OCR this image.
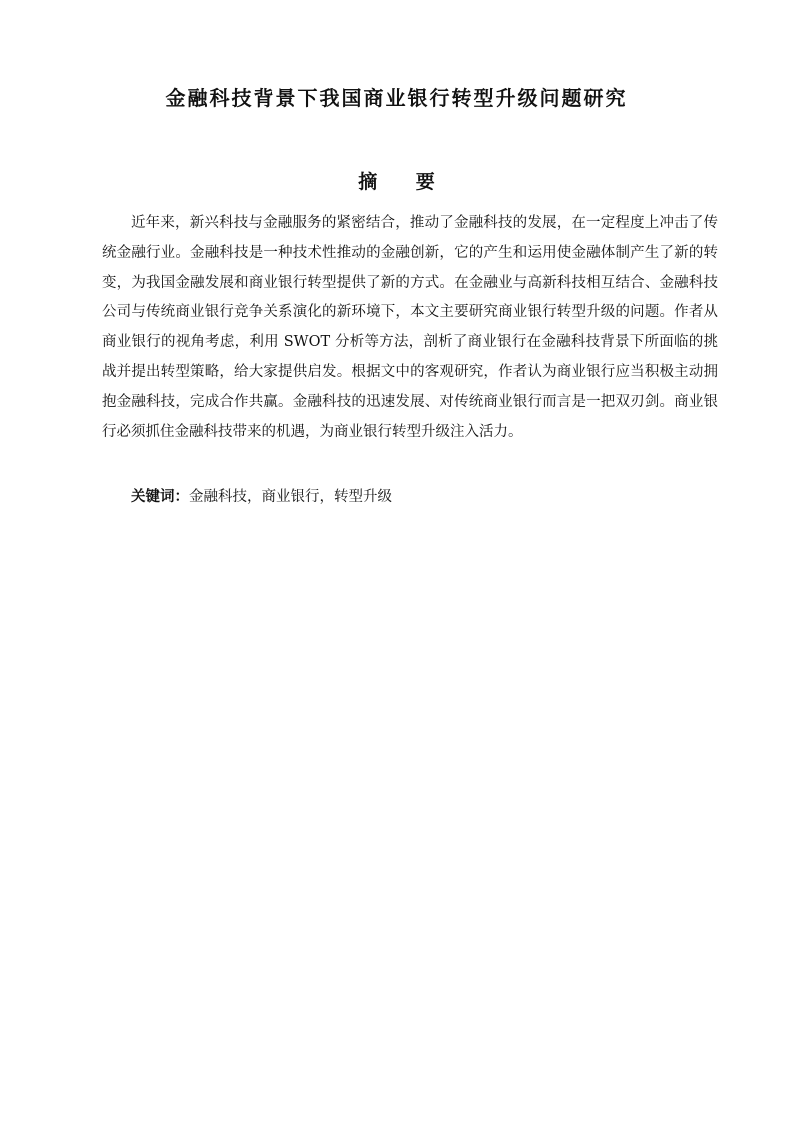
金融科技背景下我国商业银行转型升级问题研究
摘 要

近年来，新兴科技与金融服务的紧密结合，推动了金融科技的发展，在一定程度上冲击了传统金融行业。金融科技是一种技术性推动的金融创新，它的产生和运用使金融体制产生了新的转变，为我国金融发展和商业银行转型提供了新的方式。在金融业与高新科技相互结合、金融科技公司与传统商业银行竞争关系演化的新环境下，本文主要研究商业银行转型升级的问题。作者从商业银行的视角考虑，利用 SWOT 分析等方法，剖析了商业银行在金融科技背景下所面临的挑战并提出转型策略，给大家提供启发。根据文中的客观研究，作者认为商业银行应当积极主动拥抱金融科技，完成合作共赢。金融科技的迅速发展、对传统商业银行而言是一把双刃剑。商业银行必须抓住金融科技带来的机遇，为商业银行转型升级注入活力。

关键词：金融科技，商业银行，转型升级
